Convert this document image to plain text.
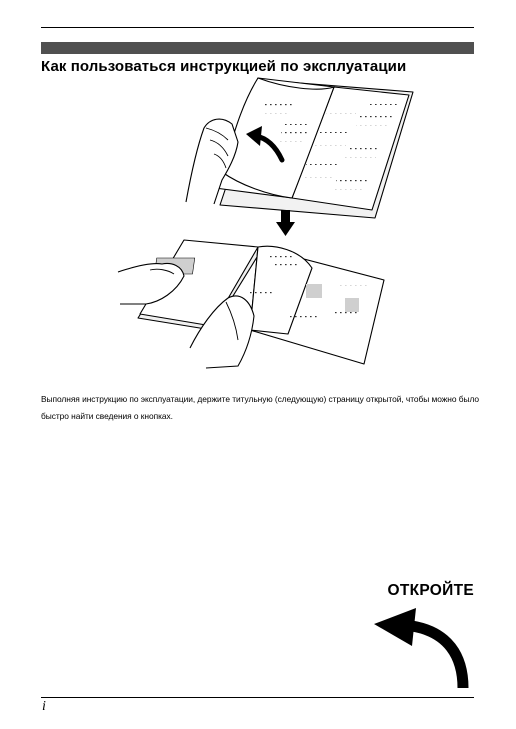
Как пользоваться инструкцией по эксплуатации

Выполняя инструкцию по эксплуатации, держите титульную (следующую) страницу открытой, чтобы можно было быстро найти сведения о кнопках.

ОТКРОЙТЕ

i
